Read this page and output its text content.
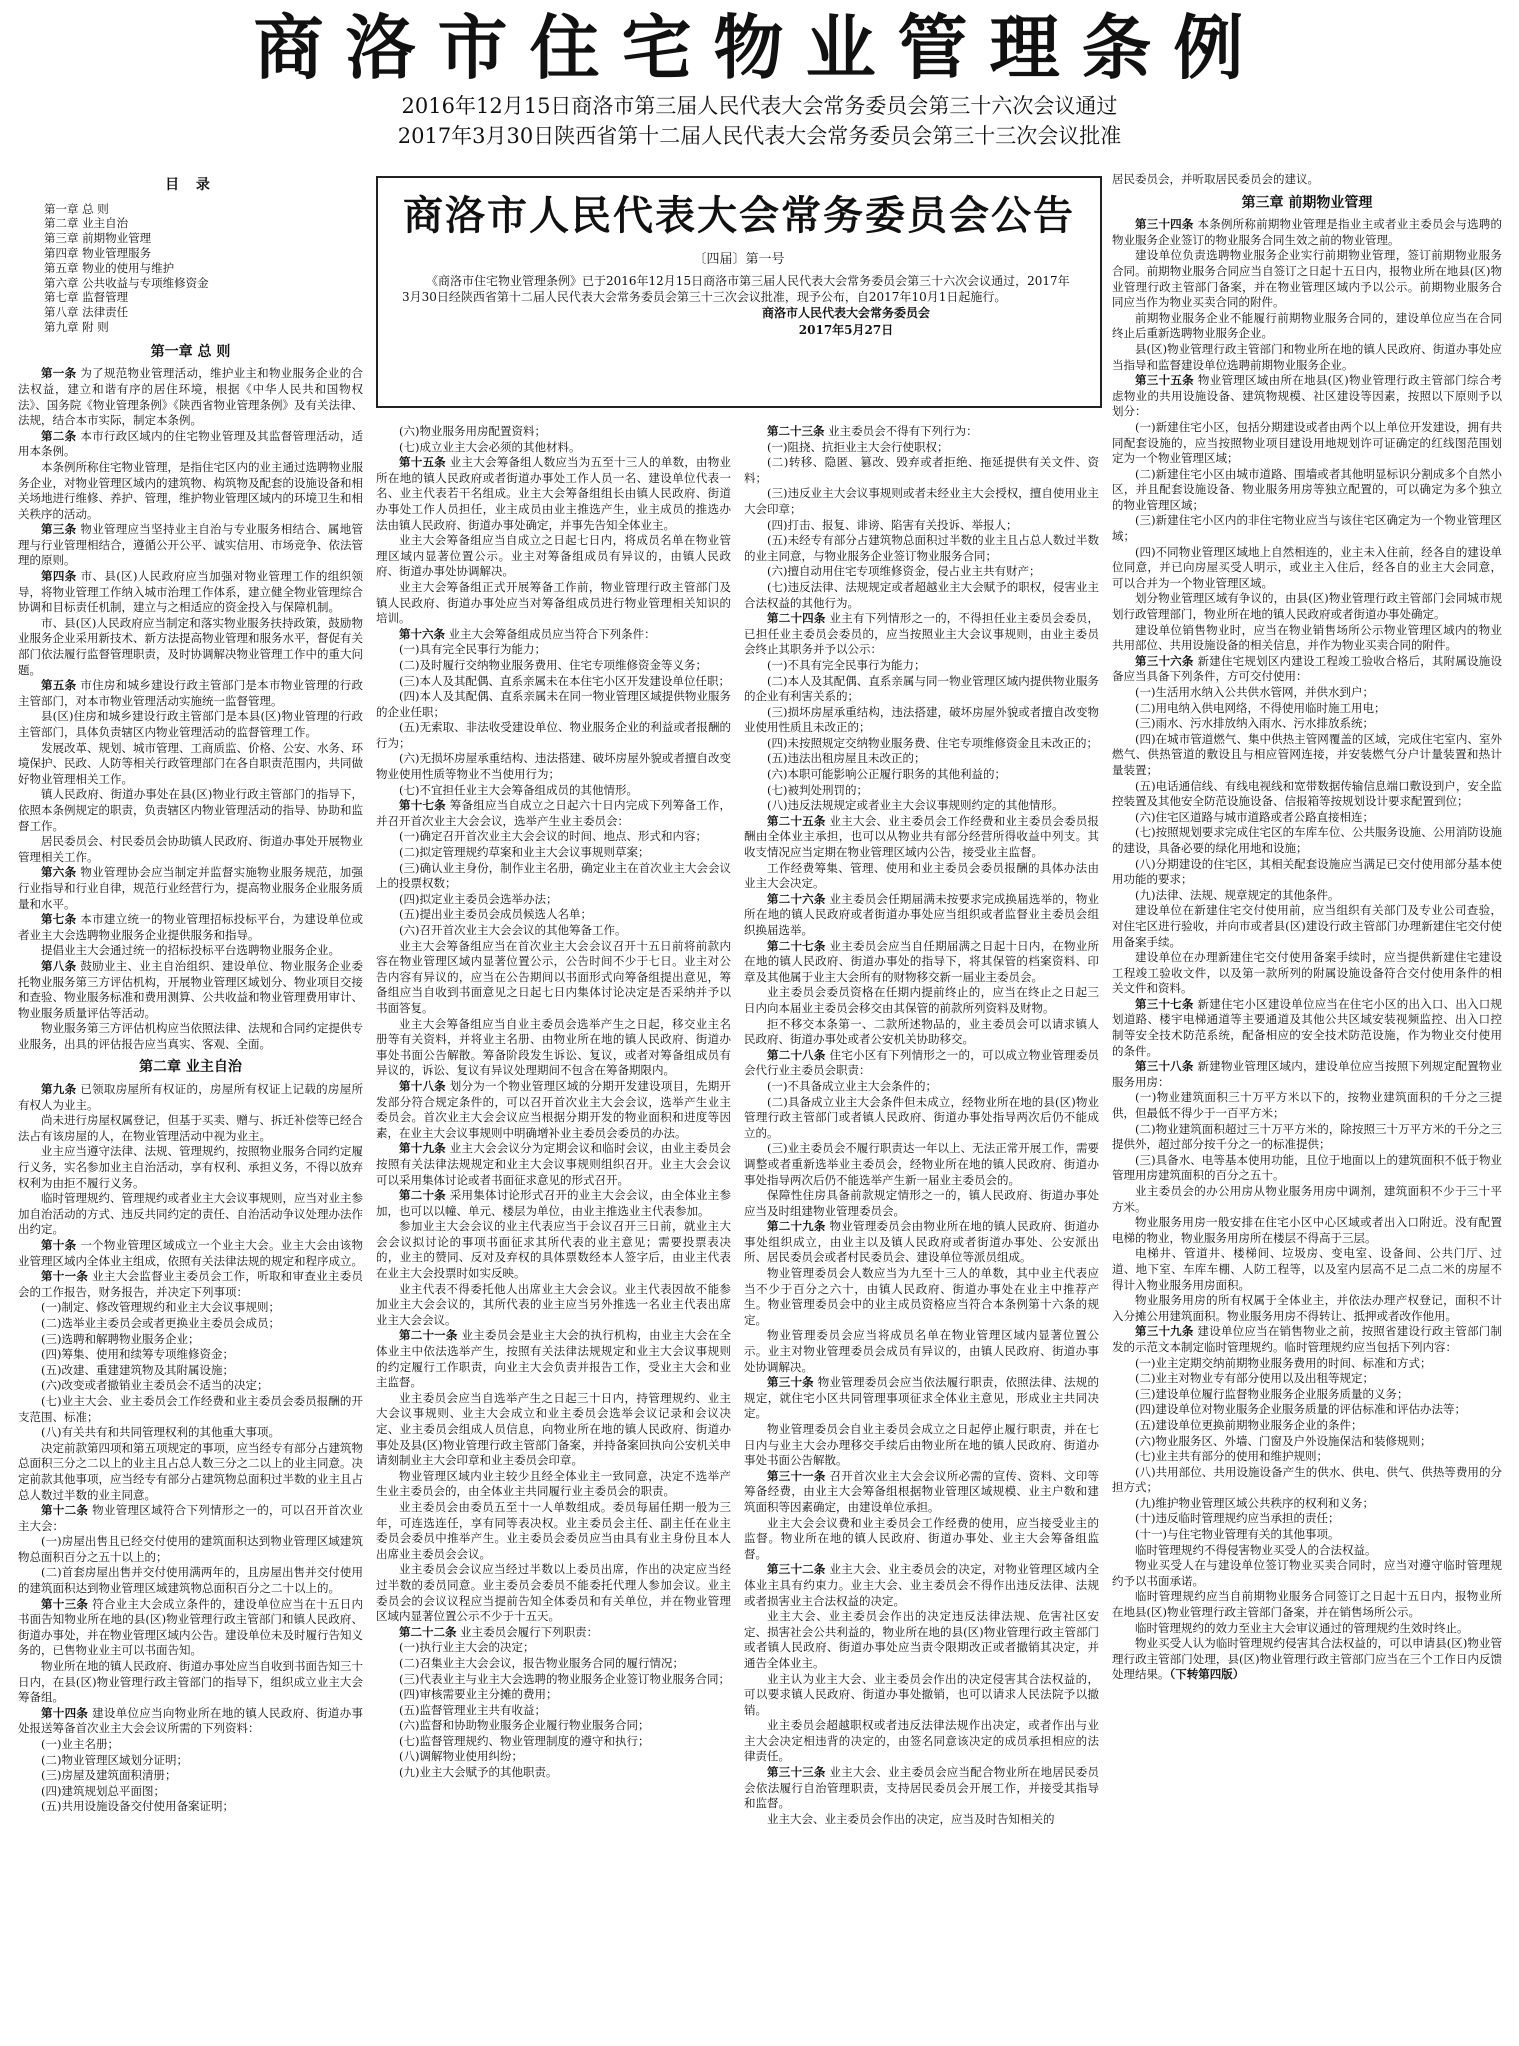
商洛市住宅物业管理条例
2016年12月15日商洛市第三届人民代表大会常务委员会第三十六次会议通过
2017年3月30日陕西省第十二届人民代表大会常务委员会第三十三次会议批准
目 录
第一章 总 则
第二章 业主自治
第三章 前期物业管理
第四章 物业管理服务
第五章 物业的使用与维护
第六章 公共收益与专项维修资金
第七章 监督管理
第八章 法律责任
第九章 附 则

第一章 总 则

第一条 为了规范物业管理活动，维护业主和物业服务企业的合法权益，建立和谐有序的居住环境，根据《中华人民共和国物权法》、国务院《物业管理条例》《陕西省物业管理条例》及有关法律、法规，结合本市实际，制定本条例。

第二条 本市行政区域内的住宅物业管理及其监督管理活动，适用本条例。

本条例所称住宅物业管理，是指住宅区内的业主通过选聘物业服务企业，对物业管理区域内的建筑物、构筑物及配套的设施设备和相关场地进行维修、养护、管理，维护物业管理区域内的环境卫生和相关秩序的活动。

第三条 物业管理应当坚持业主自治与专业服务相结合、属地管理与行业管理相结合，遵循公开公平、诚实信用、市场竞争、依法管理的原则。

第四条 市、县(区)人民政府应当加强对物业管理工作的组织领导，将物业管理工作纳入城市治理工作体系，建立健全物业管理综合协调和目标责任机制，建立与之相适应的资金投入与保障机制。

市、县(区)人民政府应当制定和落实物业服务扶持政策，鼓励物业服务企业采用新技术、新方法提高物业管理和服务水平，督促有关部门依法履行监督管理职责，及时协调解决物业管理工作中的重大问题。

第五条 市住房和城乡建设行政主管部门是本市物业管理的行政主管部门，对本市物业管理活动实施统一监督管理。

县(区)住房和城乡建设行政主管部门是本县(区)物业管理的行政主管部门，具体负责辖区内物业管理活动的监督管理工作。

发展改革、规划、城市管理、工商质监、价格、公安、水务、环境保护、民政、人防等相关行政管理部门在各自职责范围内，共同做好物业管理相关工作。

镇人民政府、街道办事处在县(区)物业行政主管部门的指导下，依照本条例规定的职责，负责辖区内物业管理活动的指导、协助和监督工作。

居民委员会、村民委员会协助镇人民政府、街道办事处开展物业管理相关工作。

第六条 物业管理协会应当制定并监督实施物业服务规范，加强行业指导和行业自律，规范行业经营行为，提高物业服务企业服务质量和水平。

第七条 本市建立统一的物业管理招标投标平台，为建设单位或者业主大会选聘物业服务企业提供服务和指导。

提倡业主大会通过统一的招标投标平台选聘物业服务企业。

第八条 鼓励业主、业主自治组织、建设单位、物业服务企业委托物业服务第三方评估机构，开展物业管理区域划分、物业项目交接和查验、物业服务标准和费用测算、公共收益和物业管理费用审计、物业服务质量评估等活动。

物业服务第三方评估机构应当依照法律、法规和合同约定提供专业服务，出具的评估报告应当真实、客观、全面。

第二章 业主自治

第九条 已领取房屋所有权证的，房屋所有权证上记载的房屋所有权人为业主。

尚未进行房屋权属登记，但基于买卖、赠与、拆迁补偿等已经合法占有该房屋的人，在物业管理活动中视为业主。

业主应当遵守法律、法规、管理规约，按照物业服务合同约定履行义务，实名参加业主自治活动，享有权利、承担义务，不得以放弃权利为由拒不履行义务。

临时管理规约、管理规约或者业主大会议事规则，应当对业主参加自治活动的方式、违反共同约定的责任、自治活动争议处理办法作出约定。

第十条 一个物业管理区域成立一个业主大会。业主大会由该物业管理区域内全体业主组成，依照有关法律法规的规定和程序成立。

第十一条 业主大会监督业主委员会工作，听取和审查业主委员会的工作报告，财务报告，并决定下列事项：

(一)制定、修改管理规约和业主大会议事规则；

(二)选举业主委员会或者更换业主委员会成员；

(三)选聘和解聘物业服务企业；

(四)筹集、使用和续筹专项维修资金；

(五)改建、重建建筑物及其附属设施；

(六)改变或者撤销业主委员会不适当的决定；

(七)业主大会、业主委员会工作经费和业主委员会委员报酬的开支范围、标准；

(八)有关共有和共同管理权利的其他重大事项。

决定前款第四项和第五项规定的事项，应当经专有部分占建筑物总面积三分之二以上的业主且占总人数三分之二以上的业主同意。决定前款其他事项，应当经专有部分占建筑物总面积过半数的业主且占总人数过半数的业主同意。

第十二条 物业管理区域符合下列情形之一的，可以召开首次业主大会：

(一)房屋出售且已经交付使用的建筑面积达到物业管理区域建筑物总面积百分之五十以上的；

(二)首套房屋出售并交付使用满两年的，且房屋出售并交付使用的建筑面积达到物业管理区域建筑物总面积百分之二十以上的。

第十三条 符合业主大会成立条件的，建设单位应当在十五日内书面告知物业所在地的县(区)物业管理行政主管部门和镇人民政府、街道办事处，并在物业管理区域内公告。建设单位未及时履行告知义务的，已售物业业主可以书面告知。

物业所在地的镇人民政府、街道办事处应当自收到书面告知三十日内，在县(区)物业管理行政主管部门的指导下，组织成立业主大会筹备组。

第十四条 建设单位应当向物业所在地的镇人民政府、街道办事处报送筹备首次业主大会会议所需的下列资料：

(一)业主名册；

(二)物业管理区域划分证明；

(三)房屋及建筑面积清册；

(四)建筑规划总平面图；

(五)共用设施设备交付使用备案证明；

商洛市人民代表大会常务委员会公告
〔四届〕第一号

《商洛市住宅物业管理条例》已于2016年12月15日商洛市第三届人民代表大会常务委员会第三十六次会议通过，2017年3月30日经陕西省第十二届人民代表大会常务委员会第三十三次会议批准，现予公布，自2017年10月1日起施行。

商洛市人民代表大会常务委员会
2017年5月27日

(六)物业服务用房配置资料；

(七)成立业主大会必须的其他材料。

第十五条 业主大会筹备组人数应当为五至十三人的单数，由物业所在地的镇人民政府或者街道办事处工作人员一名、建设单位代表一名、业主代表若干名组成。业主大会筹备组组长由镇人民政府、街道办事处工作人员担任，业主成员由业主推选产生，业主成员的推选办法由镇人民政府、街道办事处确定，并事先告知全体业主。

业主大会筹备组应当自成立之日起七日内，将成员名单在物业管理区域内显著位置公示。业主对筹备组成员有异议的，由镇人民政府、街道办事处协调解决。

业主大会筹备组正式开展筹备工作前，物业管理行政主管部门及镇人民政府、街道办事处应当对筹备组成员进行物业管理相关知识的培训。

第十六条 业主大会筹备组成员应当符合下列条件：

(一)具有完全民事行为能力；

(二)及时履行交纳物业服务费用、住宅专项维修资金等义务；

(三)本人及其配偶、直系亲属未在本住宅小区开发建设单位任职；

(四)本人及其配偶、直系亲属未在同一物业管理区域提供物业服务的企业任职；

(五)无索取、非法收受建设单位、物业服务企业的利益或者报酬的行为；

(六)无损坏房屋承重结构、违法搭建、破坏房屋外貌或者擅自改变物业使用性质等物业不当使用行为；

(七)不宜担任业主大会筹备组成员的其他情形。

第十七条 筹备组应当自成立之日起六十日内完成下列筹备工作，并召开首次业主大会会议，选举产生业主委员会：

(一)确定召开首次业主大会会议的时间、地点、形式和内容；

(二)拟定管理规约草案和业主大会议事规则草案；

(三)确认业主身份，制作业主名册，确定业主在首次业主大会会议上的投票权数；

(四)拟定业主委员会选举办法；

(五)提出业主委员会成员候选人名单；

(六)召开首次业主大会会议的其他筹备工作。

业主大会筹备组应当在首次业主大会会议召开十五日前将前款内容在物业管理区域内显著位置公示，公告时间不少于七日。业主对公告内容有异议的，应当在公告期间以书面形式向筹备组提出意见，筹备组应当自收到书面意见之日起七日内集体讨论决定是否采纳并予以书面答复。

业主大会筹备组应当自业主委员会选举产生之日起，移交业主名册等有关资料，并将业主名册、由物业所在地的镇人民政府、街道办事处书面公告解散。筹备阶段发生诉讼、复议，或者对筹备组成员有异议的，诉讼、复议有异议处理期间不包含在筹备期限内。

第十八条 划分为一个物业管理区域的分期开发建设项目，先期开发部分符合规定条件的，可以召开首次业主大会会议，选举产生业主委员会。首次业主大会会议应当根据分期开发的物业面积和进度等因素，在业主大会议事规则中明确增补业主委员会委员的办法。

第十九条 业主大会会议分为定期会议和临时会议，由业主委员会按照有关法律法规规定和业主大会议事规则组织召开。业主大会会议可以采用集体讨论或者书面征求意见的形式召开。

第二十条 采用集体讨论形式召开的业主大会会议，由全体业主参加，也可以以幢、单元、楼层为单位，由业主推选业主代表参加。

参加业主大会会议的业主代表应当于会议召开三日前，就业主大会会议拟讨论的事项书面征求其所代表的业主意见；需要投票表决的，业主的赞同、反对及弃权的具体票数经本人签字后，由业主代表在业主大会投票时如实反映。

业主代表不得委托他人出席业主大会会议。业主代表因故不能参加业主大会会议的，其所代表的业主应当另外推选一名业主代表出席业主大会会议。

第二十一条 业主委员会是业主大会的执行机构，由业主大会在全体业主中依法选举产生，按照有关法律法规规定和业主大会议事规则的约定履行工作职责，向业主大会负责并报告工作，受业主大会和业主监督。

业主委员会应当自选举产生之日起三十日内，持管理规约、业主大会议事规则、业主大会成立和业主委员会选举会议记录和会议决定、业主委员会组成人员信息，向物业所在地的镇人民政府、街道办事处及县(区)物业管理行政主管部门备案，并持备案回执向公安机关申请刻制业主大会印章和业主委员会印章。

物业管理区域内业主较少且经全体业主一致同意，决定不选举产生业主委员会的，由全体业主共同履行业主委员会的职责。

业主委员会由委员五至十一人单数组成。委员每届任期一般为三年，可连选连任，享有同等表决权。业主委员会主任、副主任在业主委员会委员中推举产生。业主委员会委员应当由具有业主身份且本人出席业主委员会会议。

业主委员会会议应当经过半数以上委员出席，作出的决定应当经过半数的委员同意。业主委员会委员不能委托代理人参加会议。业主委员会的会议议程应当提前告知全体委员和有关单位，并在物业管理区域内显著位置公示不少于十五天。

第二十二条 业主委员会履行下列职责：

(一)执行业主大会的决定；

(二)召集业主大会会议，报告物业服务合同的履行情况；

(三)代表业主与业主大会选聘的物业服务企业签订物业服务合同；

(四)审核需要业主分摊的费用；

(五)监督管理业主共有收益；

(六)监督和协助物业服务企业履行物业服务合同；

(七)监督管理规约、物业管理制度的遵守和执行；

(八)调解物业使用纠纷；

(九)业主大会赋予的其他职责。

第二十三条 业主委员会不得有下列行为：

(一)阻挠、抗拒业主大会行使职权；

(二)转移、隐匿、篡改、毁弃或者拒绝、拖延提供有关文件、资料；

(三)违反业主大会议事规则或者未经业主大会授权，擅自使用业主大会印章；

(四)打击、报复、诽谤、陷害有关投诉、举报人；

(五)未经专有部分占建筑物总面积过半数的业主且占总人数过半数的业主同意，与物业服务企业签订物业服务合同；

(六)擅自动用住宅专项维修资金，侵占业主共有财产；

(七)违反法律、法规规定或者超越业主大会赋予的职权，侵害业主合法权益的其他行为。

第二十四条 业主有下列情形之一的，不得担任业主委员会委员，已担任业主委员会委员的，应当按照业主大会议事规则，由业主委员会终止其职务并予以公示：

(一)不具有完全民事行为能力；

(二)本人及其配偶、直系亲属与同一物业管理区域内提供物业服务的企业有利害关系的；

(三)损坏房屋承重结构，违法搭建，破坏房屋外貌或者擅自改变物业使用性质且未改正的；

(四)未按照规定交纳物业服务费、住宅专项维修资金且未改正的；

(五)违法出租房屋且未改正的；

(六)本职可能影响公正履行职务的其他利益的；

(七)被判处刑罚的；

(八)违反法规规定或者业主大会议事规则约定的其他情形。

第二十五条 业主大会、业主委员会工作经费和业主委员会委员报酬由全体业主承担，也可以从物业共有部分经营所得收益中列支。其收支情况应当定期在物业管理区域内公告，接受业主监督。

工作经费筹集、管理、使用和业主委员会委员报酬的具体办法由业主大会决定。

第二十六条 业主委员会任期届满未按要求完成换届选举的，物业所在地的镇人民政府或者街道办事处应当组织或者监督业主委员会组织换届选举。

第二十七条 业主委员会应当自任期届满之日起十日内，在物业所在地的镇人民政府、街道办事处的指导下，将其保管的档案资料、印章及其他属于业主大会所有的财物移交新一届业主委员会。

业主委员会委员资格在任期内提前终止的，应当在终止之日起三日内向本届业主委员会移交由其保管的前款所列资料及财物。

拒不移交本条第一、二款所述物品的，业主委员会可以请求镇人民政府、街道办事处或者公安机关协助移交。

第二十八条 住宅小区有下列情形之一的，可以成立物业管理委员会代行业主委员会职责：

(一)不具备成立业主大会条件的；

(二)具备成立业主大会条件但未成立，经物业所在地的县(区)物业管理行政主管部门或者镇人民政府、街道办事处指导两次后仍不能成立的。

(三)业主委员会不履行职责达一年以上、无法正常开展工作，需要调整或者重新选举业主委员会，经物业所在地的镇人民政府、街道办事处指导两次后仍不能选举产生新一届业主委员会的。

保障性住房具备前款规定情形之一的，镇人民政府、街道办事处应当及时组建物业管理委员会。

第二十九条 物业管理委员会由物业所在地的镇人民政府、街道办事处组织成立，由业主以及镇人民政府或者街道办事处、公安派出所、居民委员会或者村民委员会、建设单位等派员组成。

物业管理委员会人数应当为九至十三人的单数，其中业主代表应当不少于百分之六十，由镇人民政府、街道办事处在业主中推荐产生。物业管理委员会中的业主成员资格应当符合本条例第十六条的规定。

物业管理委员会应当将成员名单在物业管理区域内显著位置公示。业主对物业管理委员会成员有异议的，由镇人民政府、街道办事处协调解决。

第三十条 物业管理委员会应当依法履行职责，依照法律、法规的规定，就住宅小区共同管理事项征求全体业主意见，形成业主共同决定。

物业管理委员会自业主委员会成立之日起停止履行职责，并在七日内与业主大会办理移交手续后由物业所在地的镇人民政府、街道办事处书面公告解散。

第三十一条 召开首次业主大会会议所必需的宣传、资料、文印等筹备经费，由业主大会筹备组根据物业管理区域规模、业主户数和建筑面积等因素确定，由建设单位承担。

业主大会会议费和业主委员会工作经费的使用，应当接受业主的监督。物业所在地的镇人民政府、街道办事处、业主大会筹备组监督。

第三十二条 业主大会、业主委员会的决定，对物业管理区域内全体业主具有约束力。业主大会、业主委员会不得作出违反法律、法规或者损害业主合法权益的决定。

业主大会、业主委员会作出的决定违反法律法规、危害社区安定、损害社会公共利益的，物业所在地的县(区)物业管理行政主管部门或者镇人民政府、街道办事处应当责令限期改正或者撤销其决定，并通告全体业主。

业主认为业主大会、业主委员会作出的决定侵害其合法权益的，可以要求镇人民政府、街道办事处撤销，也可以请求人民法院予以撤销。

业主委员会超越职权或者违反法律法规作出决定，或者作出与业主大会决定相违背的决定的，由签名同意该决定的成员承担相应的法律责任。

第三十三条 业主大会、业主委员会应当配合物业所在地居民委员会依法履行自治管理职责，支持居民委员会开展工作，并接受其指导和监督。

业主大会、业主委员会作出的决定，应当及时告知相关的

居民委员会，并听取居民委员会的建议。

第三章 前期物业管理

第三十四条 本条例所称前期物业管理是指业主或者业主委员会与选聘的物业服务企业签订的物业服务合同生效之前的物业管理。

建设单位负责选聘物业服务企业实行前期物业管理，签订前期物业服务合同。前期物业服务合同应当自签订之日起十五日内，报物业所在地县(区)物业管理行政主管部门备案，并在物业管理区域内予以公示。前期物业服务合同应当作为物业买卖合同的附件。

前期物业服务企业不能履行前期物业服务合同的，建设单位应当在合同终止后重新选聘物业服务企业。

县(区)物业管理行政主管部门和物业所在地的镇人民政府、街道办事处应当指导和监督建设单位选聘前期物业服务企业。

第三十五条 物业管理区域由所在地县(区)物业管理行政主管部门综合考虑物业的共用设施设备、建筑物规模、社区建设等因素，按照以下原则予以划分：

(一)新建住宅小区，包括分期建设或者由两个以上单位开发建设，拥有共同配套设施的，应当按照物业项目建设用地规划许可证确定的红线图范围划定为一个物业管理区域；

(二)新建住宅小区由城市道路、围墙或者其他明显标识分割成多个自然小区，并且配套设施设备、物业服务用房等独立配置的，可以确定为多个独立的物业管理区域；

(三)新建住宅小区内的非住宅物业应当与该住宅区确定为一个物业管理区域；

(四)不同物业管理区域地上自然相连的，业主未入住前，经各自的建设单位同意，并已向房屋买受人明示，或业主入住后，经各自的业主大会同意，可以合并为一个物业管理区域。

划分物业管理区域有争议的，由县(区)物业管理行政主管部门会同城市规划行政管理部门，物业所在地的镇人民政府或者街道办事处确定。

建设单位销售物业时，应当在物业销售场所公示物业管理区域内的物业共用部位、共用设施设备的相关信息，并作为物业买卖合同的附件。

第三十六条 新建住宅规划区内建设工程竣工验收合格后，其附属设施设备应当具备下列条件，方可交付使用：

(一)生活用水纳入公共供水管网，并供水到户；

(二)用电纳入供电网络，不得使用临时施工用电；

(三)雨水、污水排放纳入雨水、污水排放系统；

(四)在城市管道燃气、集中供热主管网覆盖的区域，完成住宅室内、室外燃气、供热管道的敷设且与相应管网连接，并安装燃气分户计量装置和热计量装置；

(五)电话通信线、有线电视线和宽带数据传输信息端口敷设到户，安全监控装置及其他安全防范设施设备、信报箱等按规划设计要求配置到位；

(六)住宅区道路与城市道路或者公路直接相连；

(七)按照规划要求完成住宅区的车库车位、公共服务设施、公用消防设施的建设，具备必要的绿化用地和设施；

(八)分期建设的住宅区，其相关配套设施应当满足已交付使用部分基本使用功能的要求；

(九)法律、法规、规章规定的其他条件。

建设单位在新建住宅交付使用前，应当组织有关部门及专业公司查验，对住宅区进行验收，并向市或者县(区)建设行政主管部门办理新建住宅交付使用备案手续。

建设单位在办理新建住宅交付使用备案手续时，应当提供新建住宅建设工程竣工验收文件，以及第一款所列的附属设施设备符合交付使用条件的相关文件和资料。

第三十七条 新建住宅小区建设单位应当在住宅小区的出入口、出入口规划道路、楼宇电梯通道等主要通道及其他公共区域安装视频监控、出入口控制等安全技术防范系统，配备相应的安全技术防范设施，作为物业交付使用的条件。

第三十八条 新建物业管理区域内，建设单位应当按照下列规定配置物业服务用房：

(一)物业建筑面积三十万平方米以下的，按物业建筑面积的千分之三提供，但最低不得少于一百平方米；

(二)物业建筑面积超过三十万平方米的，除按照三十万平方米的千分之三提供外，超过部分按千分之一的标准提供；

(三)具备水、电等基本使用功能，且位于地面以上的建筑面积不低于物业管理用房建筑面积的百分之五十。

业主委员会的办公用房从物业服务用房中调剂，建筑面积不少于三十平方米。

物业服务用房一般安排在住宅小区中心区域或者出入口附近。没有配置电梯的物业，物业服务用房所在楼层不得高于三层。

电梯井、管道井、楼梯间、垃圾房、变电室、设备间、公共门厅、过道、地下室、车库车棚、人防工程等，以及室内层高不足二点二米的房屋不得计入物业服务用房面积。

物业服务用房的所有权属于全体业主，并依法办理产权登记，面积不计入分摊公用建筑面积。物业服务用房不得转让、抵押或者改作他用。

第三十九条 建设单位应当在销售物业之前，按照省建设行政主管部门制发的示范文本制定临时管理规约。临时管理规约应当包括下列内容：

(一)业主定期交纳前期物业服务费用的时间、标准和方式；

(二)业主对物业专有部分使用以及出租等规定；

(三)建设单位履行监督物业服务企业服务质量的义务；

(四)建设单位对物业服务企业服务质量的评估标准和评估办法等；

(五)建设单位更换前期物业服务企业的条件；

(六)物业服务区、外墙、门窗及户外设施保洁和装修规则；

(七)业主共有部分的使用和维护规则；

(八)共用部位、共用设施设备产生的供水、供电、供气、供热等费用的分担方式；

(九)维护物业管理区域公共秩序的权利和义务；

(十)违反临时管理规约应当承担的责任；

(十一)与住宅物业管理有关的其他事项。

临时管理规约不得侵害物业买受人的合法权益。

物业买受人在与建设单位签订物业买卖合同时，应当对遵守临时管理规约予以书面承诺。

临时管理规约应当自前期物业服务合同签订之日起十五日内，报物业所在地县(区)物业管理行政主管部门备案，并在销售场所公示。

临时管理规约的效力至业主大会审议通过的管理规约生效时终止。

物业买受人认为临时管理规约侵害其合法权益的，可以申请县(区)物业管理行政主管部门处理，县(区)物业管理行政主管部门应当在三个工作日内反馈处理结果。（下转第四版）
